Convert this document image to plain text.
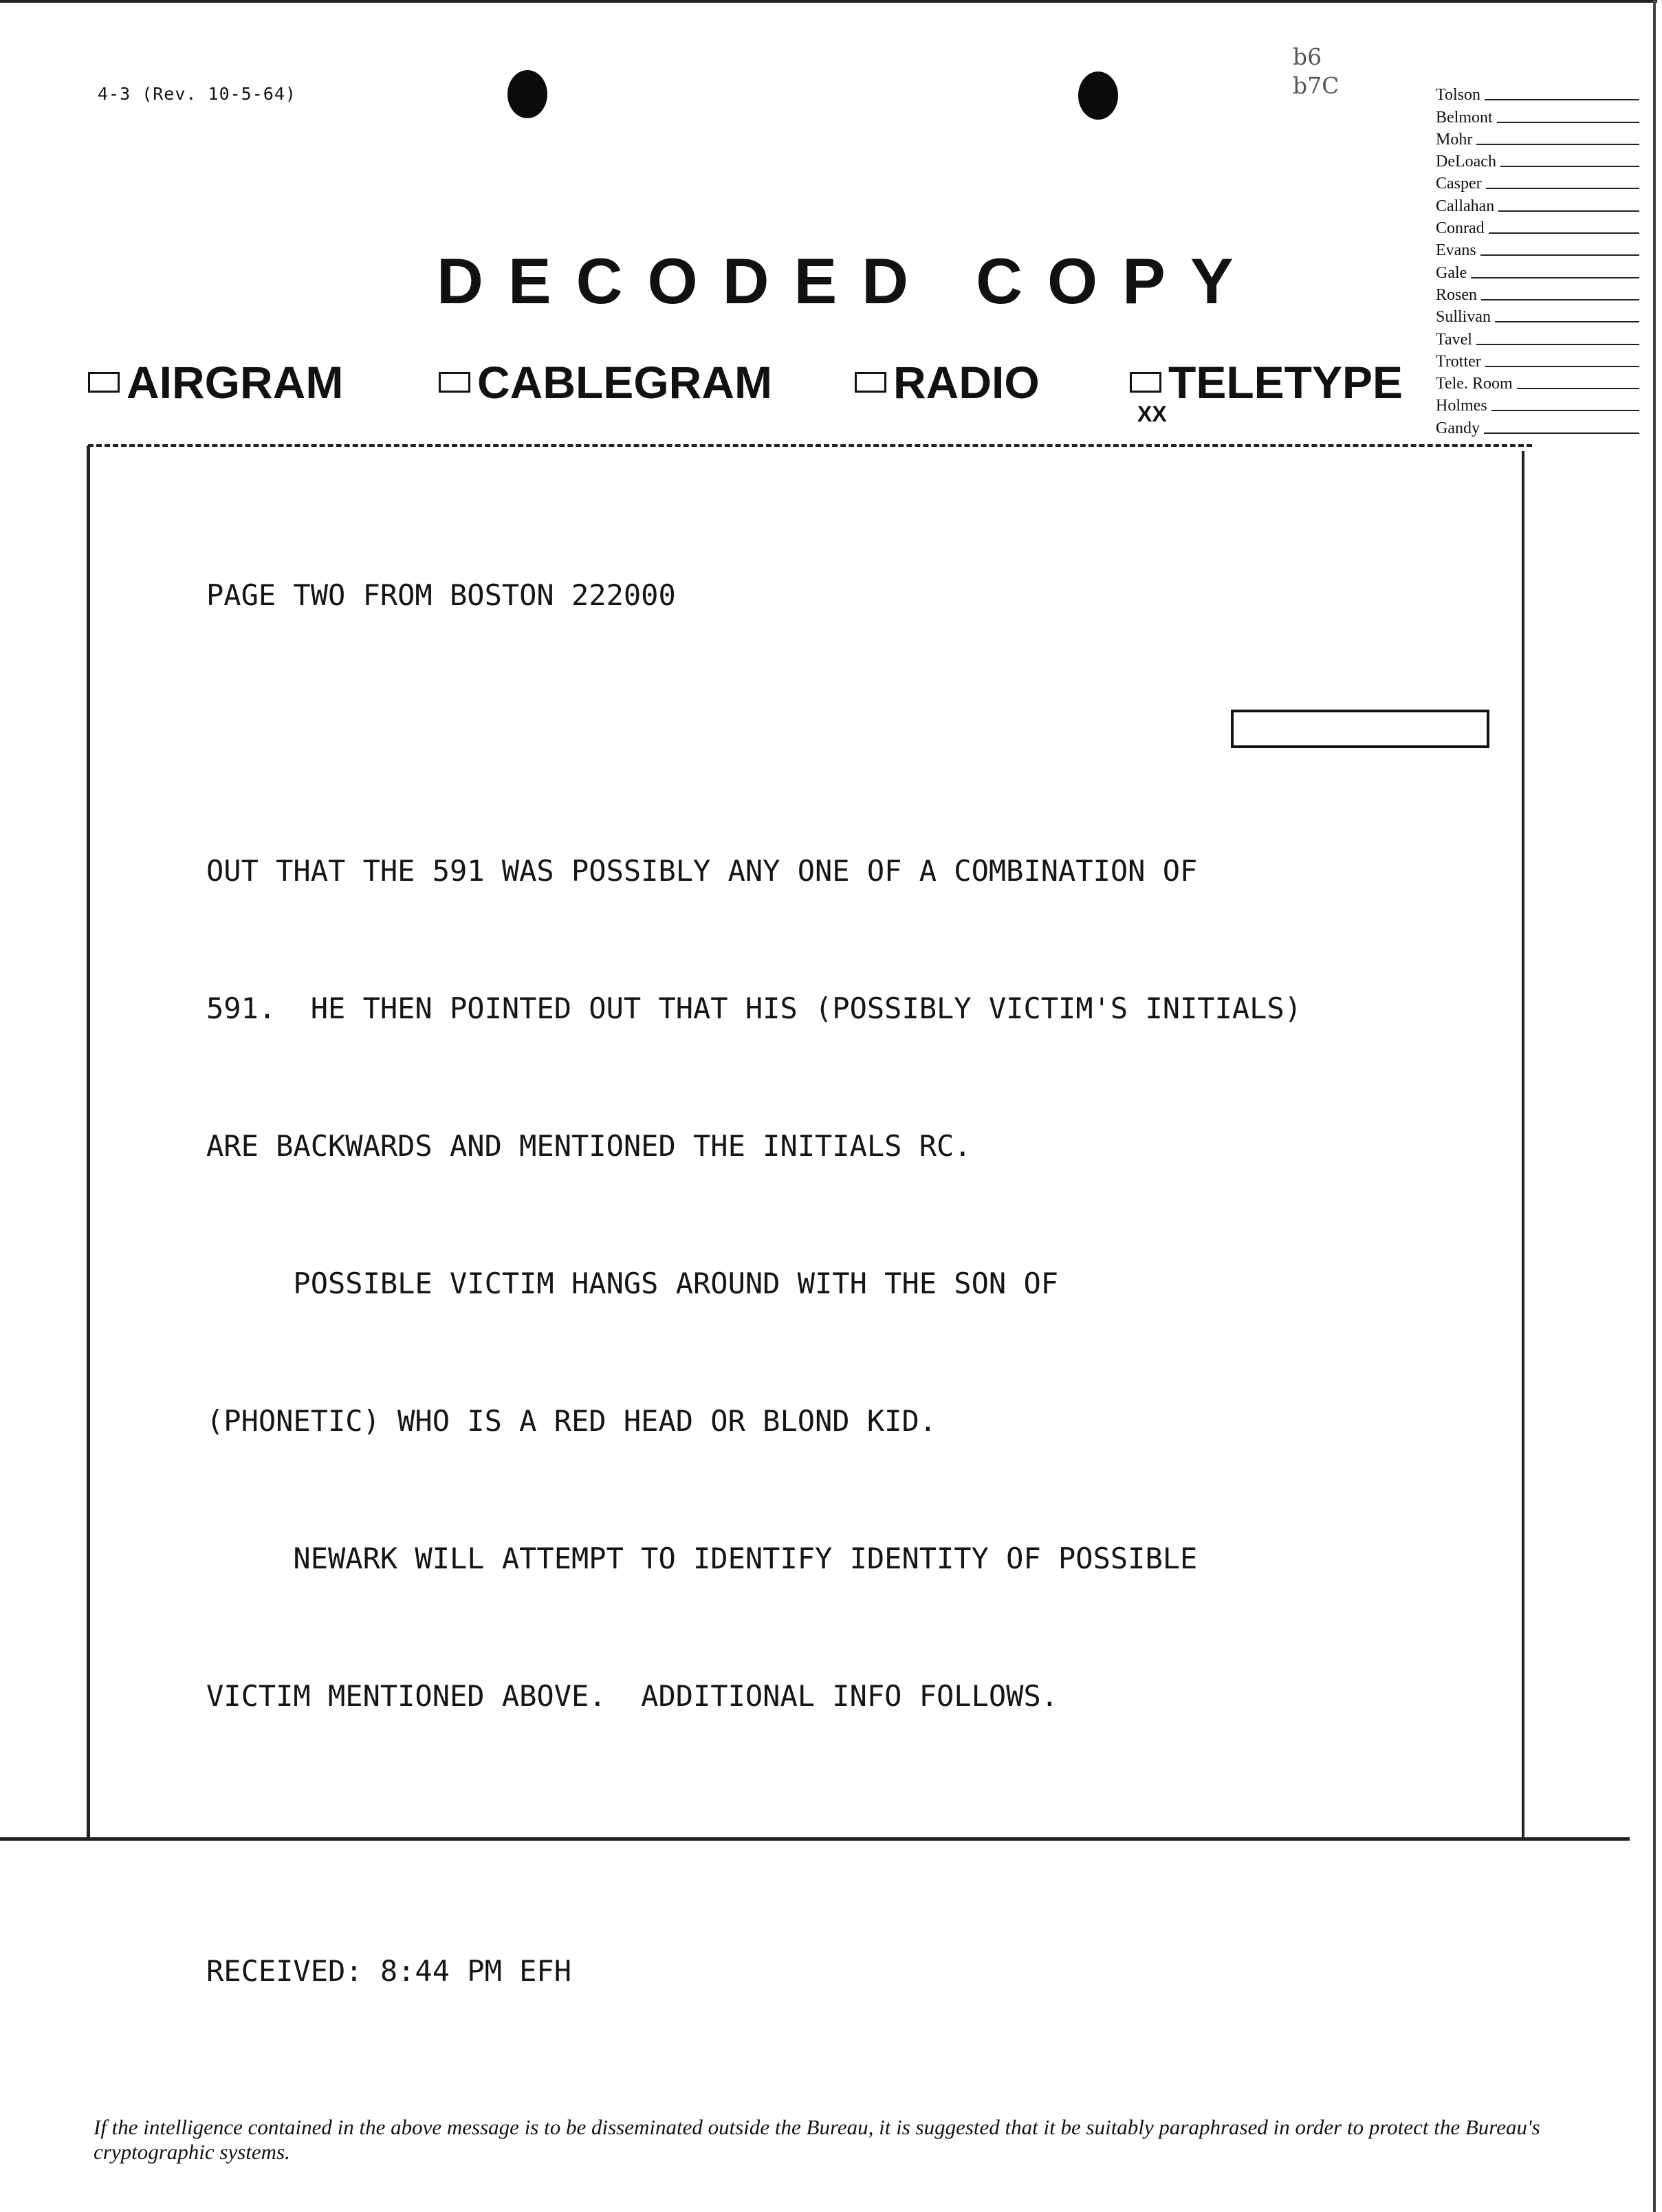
4-3 (Rev. 10-5-64)
b6
b7C
DECODED COPY
Tolson
Belmont
Mohr
DeLoach
Casper
Callahan
Conrad
Evans
Gale
Rosen
Sullivan
Tavel
Trotter
Tele. Room
Holmes
Gandy
AIRGRAM	CABLEGRAM	RADIO
XX
TELETYPE

PAGE TWO FROM BOSTON 222000

OUT THAT THE 591 WAS POSSIBLY ANY ONE OF A COMBINATION OF

591.  HE THEN POINTED OUT THAT HIS (POSSIBLY VICTIM'S INITIALS)

ARE BACKWARDS AND MENTIONED THE INITIALS RC.

POSSIBLE VICTIM HANGS AROUND WITH THE SON OF

(PHONETIC) WHO IS A RED HEAD OR BLOND KID.

NEWARK WILL ATTEMPT TO IDENTIFY IDENTITY OF POSSIBLE

VICTIM MENTIONED ABOVE.  ADDITIONAL INFO FOLLOWS.

RECEIVED: 8:44 PM EFH

If the intelligence contained in the above message is to be disseminated outside the Bureau, it is suggested that it be suitably paraphrased in order to protect the Bureau's cryptographic systems.
